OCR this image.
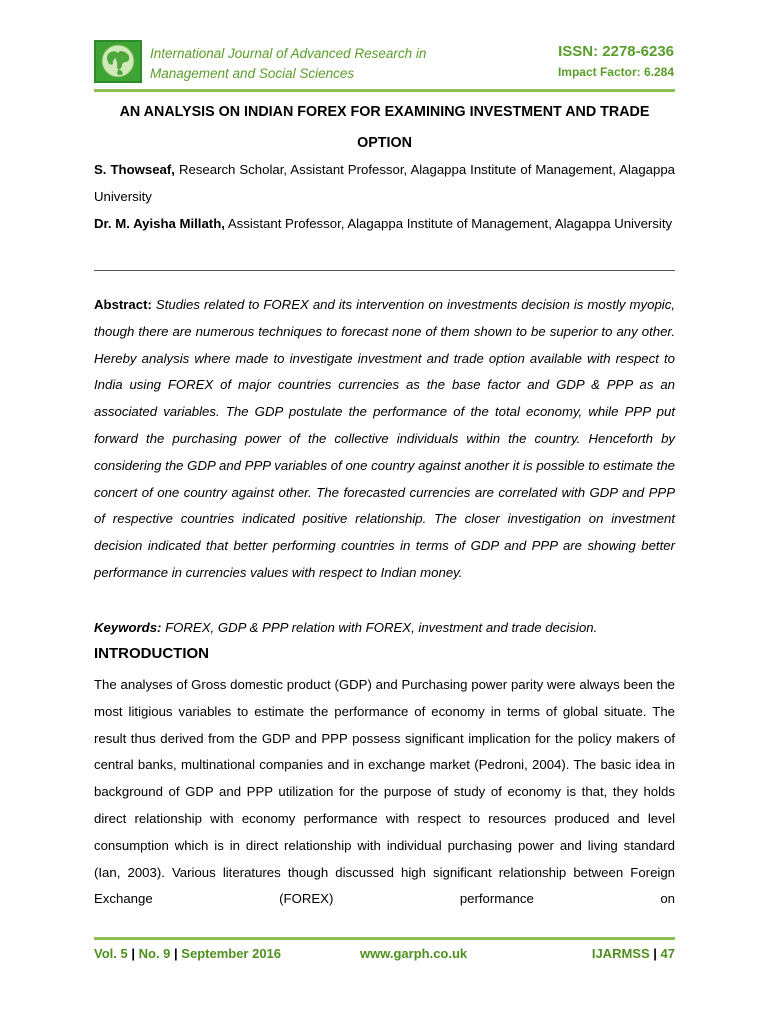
International Journal of Advanced Research in
Management and Social Sciences
ISSN: 2278-6236
Impact Factor: 6.284
AN ANALYSIS ON INDIAN FOREX FOR EXAMINING INVESTMENT AND TRADE OPTION
S. Thowseaf, Research Scholar, Assistant Professor, Alagappa Institute of Management, Alagappa University
Dr. M. Ayisha Millath, Assistant Professor, Alagappa Institute of Management, Alagappa University
Abstract: Studies related to FOREX and its intervention on investments decision is mostly myopic, though there are numerous techniques to forecast none of them shown to be superior to any other. Hereby analysis where made to investigate investment and trade option available with respect to India using FOREX of major countries currencies as the base factor and GDP & PPP as an associated variables. The GDP postulate the performance of the total economy, while PPP put forward the purchasing power of the collective individuals within the country. Henceforth by considering the GDP and PPP variables of one country against another it is possible to estimate the concert of one country against other. The forecasted currencies are correlated with GDP and PPP of respective countries indicated positive relationship. The closer investigation on investment decision indicated that better performing countries in terms of GDP and PPP are showing better performance in currencies values with respect to Indian money.
Keywords: FOREX, GDP & PPP relation with FOREX, investment and trade decision.
INTRODUCTION
The analyses of Gross domestic product (GDP) and Purchasing power parity were always been the most litigious variables to estimate the performance of economy in terms of global situate. The result thus derived from the GDP and PPP possess significant implication for the policy makers of central banks, multinational companies and in exchange market (Pedroni, 2004). The basic idea in background of GDP and PPP utilization for the purpose of study of economy is that, they holds direct relationship with economy performance with respect to resources produced and level consumption which is in direct relationship with individual purchasing power and living standard (Ian, 2003). Various literatures though discussed high significant relationship between Foreign Exchange (FOREX) performance on
Vol. 5 | No. 9 | September 2016	www.garph.co.uk	IJARMSS | 47
